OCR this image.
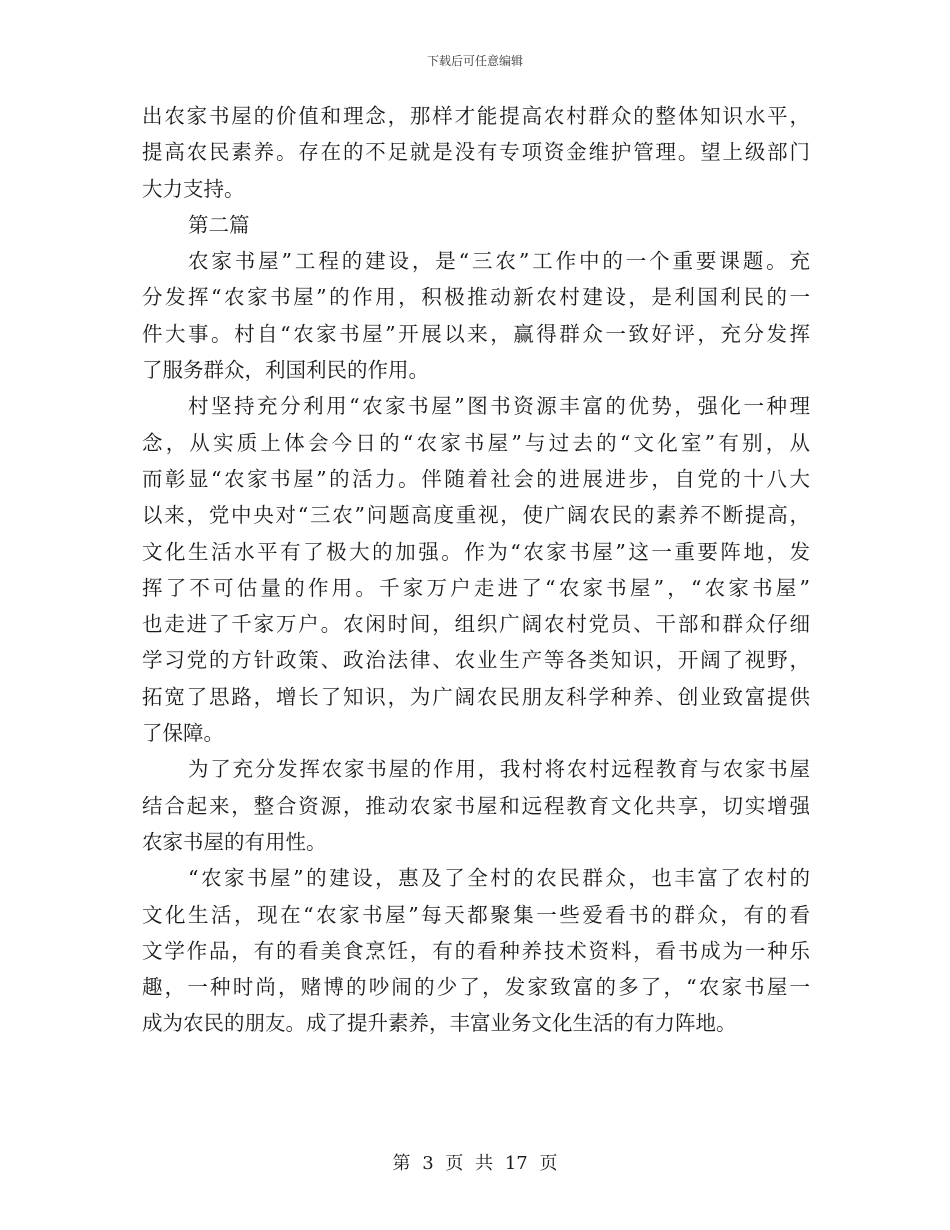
下载后可任意编辑
出农家书屋的价值和理念，那样才能提高农村群众的整体知识水平，
提高农民素养。存在的不足就是没有专项资金维护管理。望上级部门
大力支持。
第二篇
农家书屋”工程的建设，是“三农”工作中的一个重要课题。充
分发挥“农家书屋”的作用，积极推动新农村建设，是利国利民的一
件大事。村自“农家书屋”开展以来，赢得群众一致好评，充分发挥
了服务群众，利国利民的作用。
村坚持充分利用“农家书屋”图书资源丰富的优势，强化一种理
念，从实质上体会今日的“农家书屋”与过去的“文化室”有别，从
而彰显“农家书屋”的活力。伴随着社会的进展进步，自党的十八大
以来，党中央对“三农”问题高度重视，使广阔农民的素养不断提高，
文化生活水平有了极大的加强。作为“农家书屋”这一重要阵地，发
挥了不可估量的作用。千家万户走进了“农家书屋”，“农家书屋”
也走进了千家万户。农闲时间，组织广阔农村党员、干部和群众仔细
学习党的方针政策、政治法律、农业生产等各类知识，开阔了视野，
拓宽了思路，增长了知识，为广阔农民朋友科学种养、创业致富提供
了保障。
为了充分发挥农家书屋的作用，我村将农村远程教育与农家书屋
结合起来，整合资源，推动农家书屋和远程教育文化共享，切实增强
农家书屋的有用性。
“农家书屋”的建设，惠及了全村的农民群众，也丰富了农村的
文化生活，现在“农家书屋”每天都聚集一些爱看书的群众，有的看
文学作品，有的看美食烹饪，有的看种养技术资料，看书成为一种乐
趣，一种时尚，赌博的吵闹的少了，发家致富的多了，“农家书屋一
成为农民的朋友。成了提升素养，丰富业务文化生活的有力阵地。
第 3 页 共 17 页
